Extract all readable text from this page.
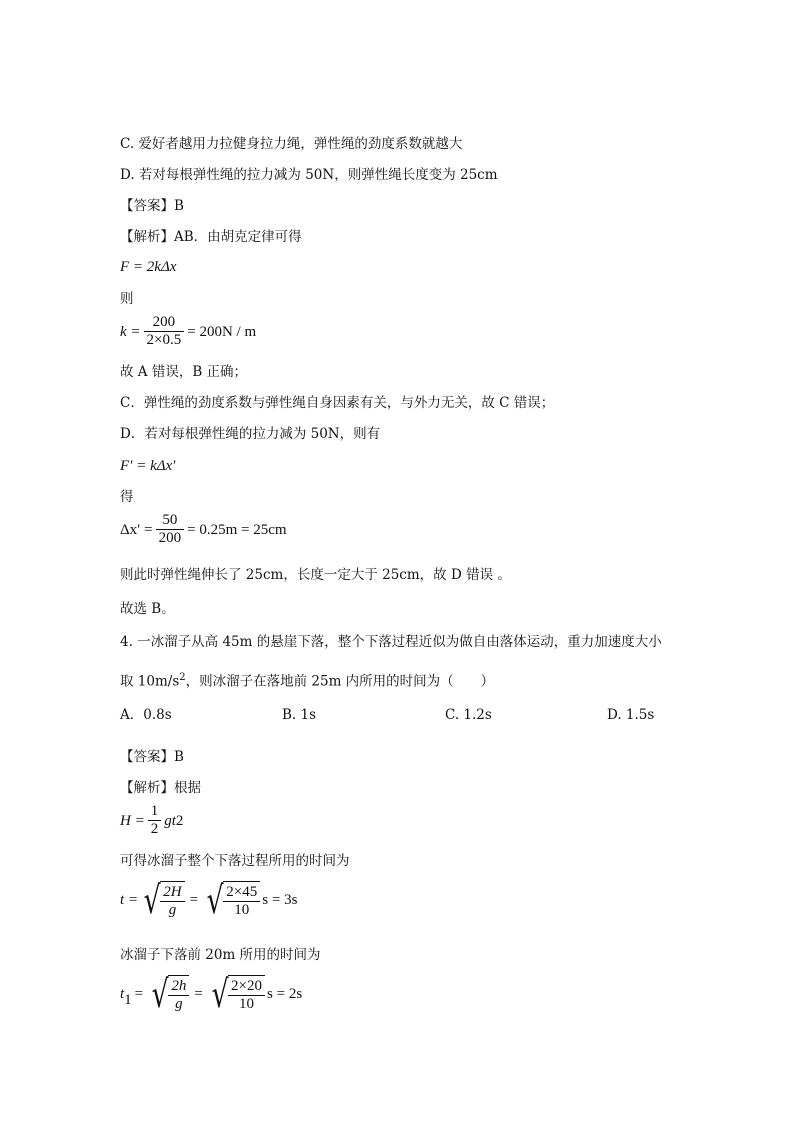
C. 爱好者越用力拉健身拉力绳，弹性绳的劲度系数就越大
D. 若对每根弹性绳的拉力减为 50N，则弹性绳长度变为 25cm
【答案】B
【解析】AB．由胡克定律可得
F = 2kΔx
则
$k = \frac{200}{2\times 0.5} = 200N / m$
故 A 错误，B 正确；
C．弹性绳的劲度系数与弹性绳自身因素有关，与外力无关，故 C 错误；
D．若对每根弹性绳的拉力减为 50N，则有
F′ = kΔx′
得
$\Delta x' = \frac{50}{200} = 0.25m = 25cm$
则此时弹性绳伸长了 25cm，长度一定大于 25cm，故 D 错误 。
故选 B。
4. 一冰溜子从高 45m 的悬崖下落，整个下落过程近似为做自由落体运动，重力加速度大小
取 $10m/s^2$，则冰溜子在落地前 25m 内所用的时间为（　　）
A．0.8s	B. 1s	C. 1.2s	D. 1.5s
【答案】B
【解析】根据
$H = \frac{1}{2}$ gt 2
可得冰溜子整个下落过程所用的时间为
t = √ $\frac{2H}{g}$ = √ $\frac{2\times 45}{10}$ s = 3s
冰溜子下落前 20m 所用的时间为
t 1 = √ $\frac{2h}{g}$ = √ $\frac{2\times 20}{10}$ s = 2s
